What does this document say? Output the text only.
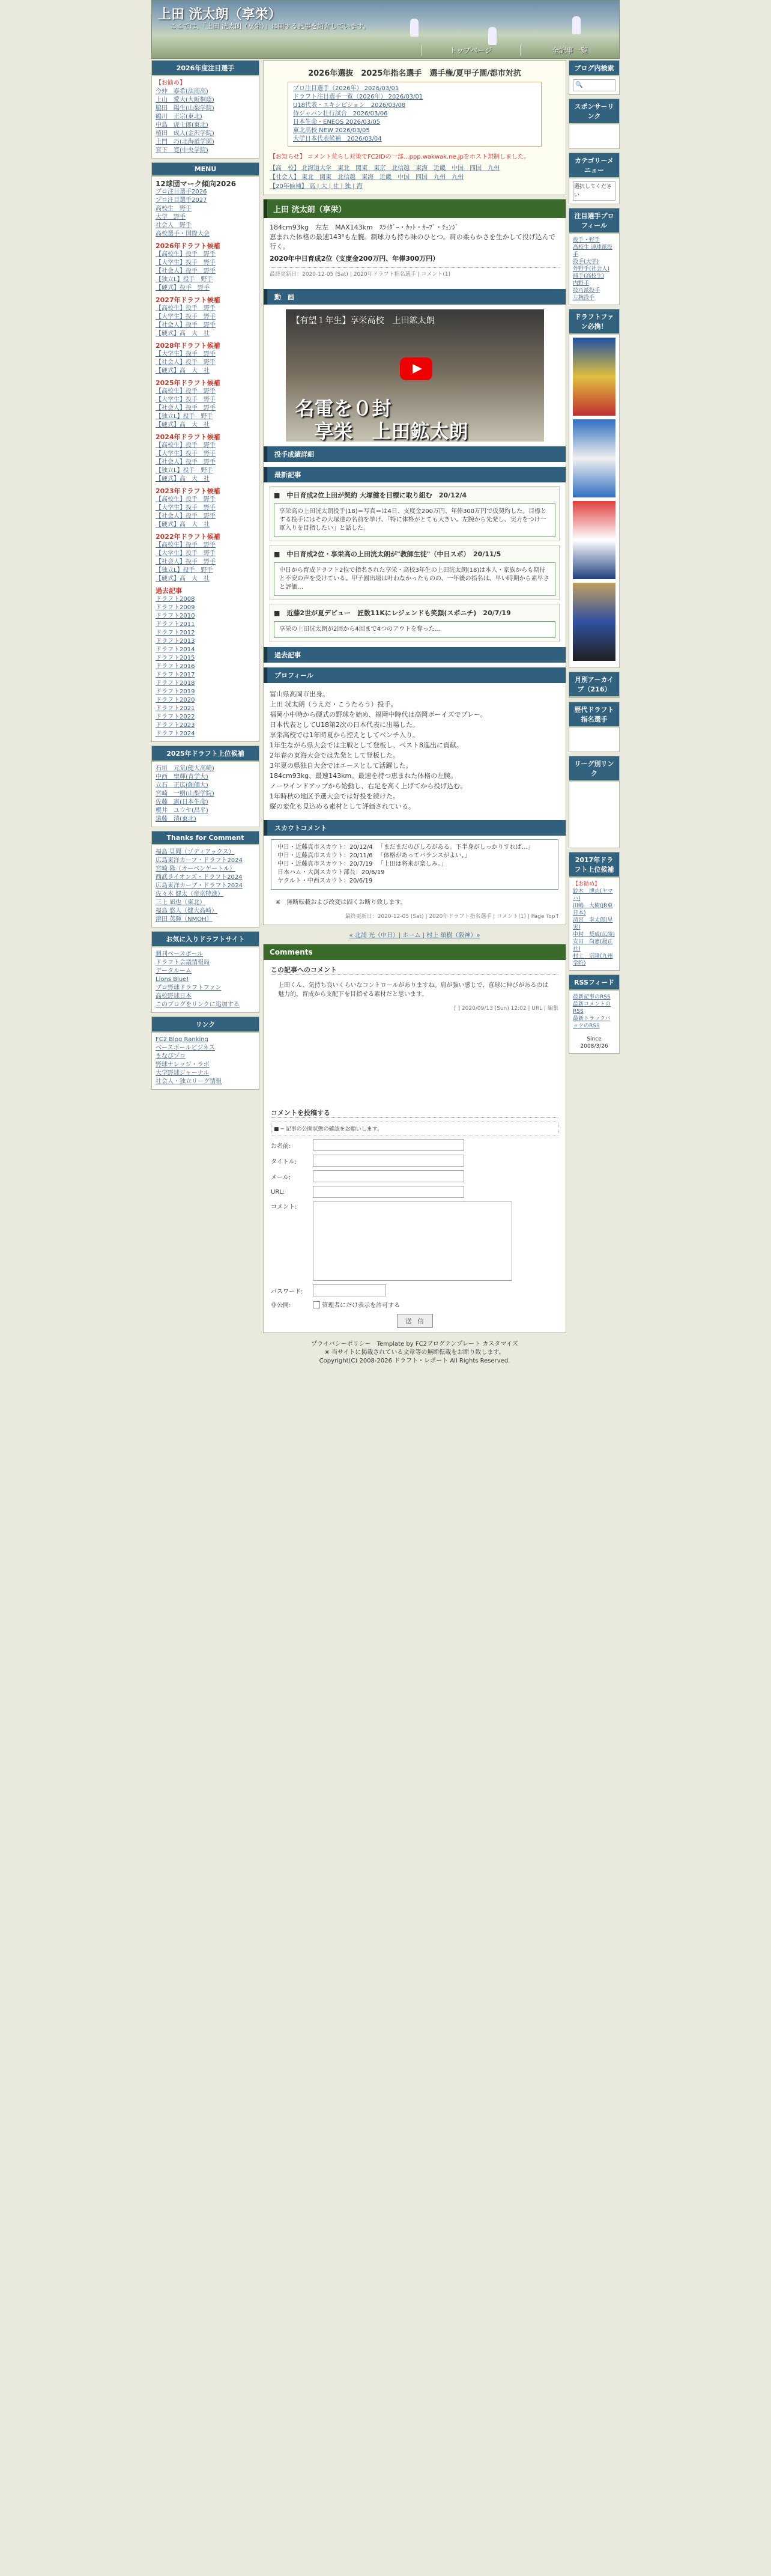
上田 洸太朗（享栄）
ここでは、「上田 洸太朗（享栄）」に関する記事を紹介しています。
トップページ	全記事一覧
2026年度注目選手
【お勧め】
今仲　泰希(法商高)
上山　愛大(大阪桐蔭)
脇田　陽生(山梨学院)
鶴川　正宗(東北)
中島　虎士郎(東北)
植田　成人(金沢学院)
土門　巧(北海道学園)
宮下　寛(中央学院)
MENU
12球団マーク傾向2026
プロ注目選手2026
プロ注目選手2027
高校生　野手
大学　野手
社会人　野手
高校選手・国際大会
2026年ドラフト候補
【高校生】投手　野手
【大学生】投手　野手
【社会人】投手　野手
【独立L】投手　野手
【硬式】投手　野手
2027年ドラフト候補
【高校生】投手　野手
【大学生】投手　野手
【社会人】投手　野手
【硬式】高　大　社
2028年ドラフト候補
【大学生】投手　野手
【社会人】投手　野手
【硬式】高　大　社
2025年ドラフト候補
【高校生】投手　野手
【大学生】投手　野手
【社会人】投手　野手
【独立L】投手　野手
【硬式】高　大　社
2024年ドラフト候補
【高校生】投手　野手
【大学生】投手　野手
【社会人】投手　野手
【独立L】投手　野手
【硬式】高　大　社
2023年ドラフト候補
【高校生】投手　野手
【大学生】投手　野手
【社会人】投手　野手
【硬式】高　大　社
2022年ドラフト候補
【高校生】投手　野手
【大学生】投手　野手
【社会人】投手　野手
【独立L】投手　野手
【硬式】高　大　社
過去記事
ドラフト2008
ドラフト2009
ドラフト2010
ドラフト2011
ドラフト2012
ドラフト2013
ドラフト2014
ドラフト2015
ドラフト2016
ドラフト2017
ドラフト2018
ドラフト2019
ドラフト2020
ドラフト2021
ドラフト2022
ドラフト2023
ドラフト2024
2025年ドラフト上位候補
石垣　元気(健大高崎)
中西　聖輝(青学大)
立石　正広(創価大)
宮崎　一樹(山梨学院)
佐藤　憲(日本生命)
櫻井　ユウヤ(昌平)
遠藤　清(東北)
Thanks for Comment
福島 見聞（ゾディアックス）
広島東洋カープ・ドラフト2024
宮崎 隆（オーペンゲートル）
西武ライオンズ・ドラフト2024
広島東洋カープ・ドラフト2024
佐々木 健太（帝京特進）
三上 凪也（東北）
福島 悠人（健大高崎）
津田 英輝（NMOH）
お気に入りドラフトサイト
週刊ベースボール
ドラフト会議情報局
データルーム
Lions Blue!
プロ野球ドラフトファン
高校野球日本
このブログをリンクに追加する
リンク
FC2 Blog Ranking
ベースボールビジネス
まなびプロ
野球ナレッジ・ラボ
大学野球ジャーナル
社会人・独立リーグ情報
2026年選抜　2025年指名選手　選手権/夏甲子園/都市対抗
プロ注目選手（2026年） 2026/03/01
ドラフト注目選手一覧（2026年） 2026/03/01
U18代表・エキシビション　2026/03/08
侍ジャパン壮行試合　2026/03/06
日本生命・ENEOS 2026/03/05
東北高校 NEW 2026/03/05
大学日本代表候補　2026/03/04
【お知らせ】 コメント荒らし対策でFC2IDの一部…ppp.wakwak.ne.jpをホスト規制しました。
【高　校】 北海道大学　東北　関東　東京　北信越　東海　近畿　中国　四国　九州
【社会人】 東北　関東　北信越　東海　近畿　中国　四国　九州　九州
【20年候補】 高 | 大 | 社 | 独 | 海
上田 洸太朗（享栄）
184cm93kg　左左　MAX143km　ｽﾗｲﾀﾞｰ・ｶｯﾄ・ｶｰﾌﾞ・ﾁｪﾝｼﾞ
恵まれた体格の最速143⁰も左腕。制球力も持ち味のひとつ。肩の柔らかさを生かして投げ込んで行く。
2020年中日育成2位（支度金200万円、年俸300万円）
最終更新日：2020-12-05 (Sat) | 2020年ドラフト指名選手 | コメント(1)
動　画
【有望１年生】享栄高校　上田鉱太朗
名電を０封
享栄　上田鉱太朗
投手成績詳細
最新記事
■　中日育成2位上田が契約 大塚健を目標に取り組む　20/12/4
享栄高の上田洸太朗投手(18)＝写真＝は4日、支度金200万円、年俸300万円で仮契約した。目標とする投手にはその大塚達の名前を挙げ、「特に体格がとても大きい。左腕から先発し、実力をつけ一軍入りを目指したい」と話した。
■　中日育成2位・享栄高の上田洸太朗が"教師生徒"（中日スポ）　20/11/5
中日から育成ドラフト2位で指名された享栄・高校3年生の上田洸太朗(18)は本人・家族からも期待と不安の声を受けている。甲子園出場は叶わなかったものの、一年後の指名は、早い時期から素早さと評価…
■　近藤2世が夏デビュー　匠数11Kにレジェンドも笑顔(スポニチ)　20/7/19
享栄の上田洸太朗が2回から4回まで4つのアウトを奪った…
過去記事
プロフィール
富山県高岡市出身。
上田 洸太朗（うえだ・こうたろう）投手。
福岡小中時から硬式の野球を始め、福岡中時代は高岡ボーイズでプレー。
日本代表としてU18第2次の日本代表に出場した。
享栄高校では1年時夏から控えとしてベンチ入り。
1年生ながら県大会では主戦として登板し、ベスト8進出に貢献。
2年春の東海大会では先発として登板した。
3年夏の県独自大会ではエースとして活躍した。
184cm93kg、最速143km。最速を持つ恵まれた体格の左腕。
ノーワインドアップから始動し、右足を高く上げてから投げ込む。
1年時秋の地区予選大会では好投を続けた。
縦の変化も見込める素材として評価されている。
スカウトコメント
中日・近藤真市スカウト：20/12/4 　「まだまだのびしろがある。下半身がしっかりすれば…」
中日・近藤真市スカウト：20/11/6 　「体格があってバランスがよい。」
中日・近藤真市スカウト：20/7/19 　「上田は将来が楽しみ。」
日本ハム・大渕スカウト部長：20/6/19
ヤクルト・中西スカウト：20/6/19
※　無断転載および改変は固くお断り致します。
最終更新日：2020-12-05 (Sat) | 2020年ドラフト指名選手 | コメント(1) | Page Top↑
« 北浦 光（中日）| ホーム | 村上 頌樹（阪神）»
Comments
この記事へのコメント
上田くん、気持ち良いくらいなコントロールがありますね。肩が強い感じで、直球に伸びがあるのは魅力的。育成から支配下を目指せる素材だと思います。
[ ] 2020/09/13 (Sun) 12:02 | URL | 編集
コメントを投稿する
■ ─ 記事の公開状態の確認をお願いします。
お名前:
タイトル:
メール:
URL:
コメント:
パスワード:
非公開:
	管理者にだけ表示を許可する
送　信
プライバシーポリシー　Template by FC2ブログテンプレート カスタマイズ
※ 当サイトに掲載されている文章等の無断転載をお断り致します。
Copyright(C) 2008-2026 ドラフト・レポート All Rights Reserved.
ブログ内検索
🔍
スポンサーリンク
カテゴリーメニュー
選択してください
注目選手プロフィール
投手・野手
高校生 速球派投手
投手(大学)
外野手(社会人)
捕手(高校生)
内野手
技巧派投手
左腕投手
ドラフトファン必携！
月別アーカイブ（216）
歴代ドラフト指名選手
リーグ別リンク
2017年ドラフト上位候補
【お勧め】
鈴木　博志(ヤマハ)
田嶋　大樹(JR東日本)
清宮　幸太郎(早実)
中村　奨成(広陵)
安田　尚憲(履正社)
村上　宗隆(九州学院)
RSSフィード
最新記事のRSS
最新コメントのRSS
最新トラックバックのRSS
Since 2008/3/26
